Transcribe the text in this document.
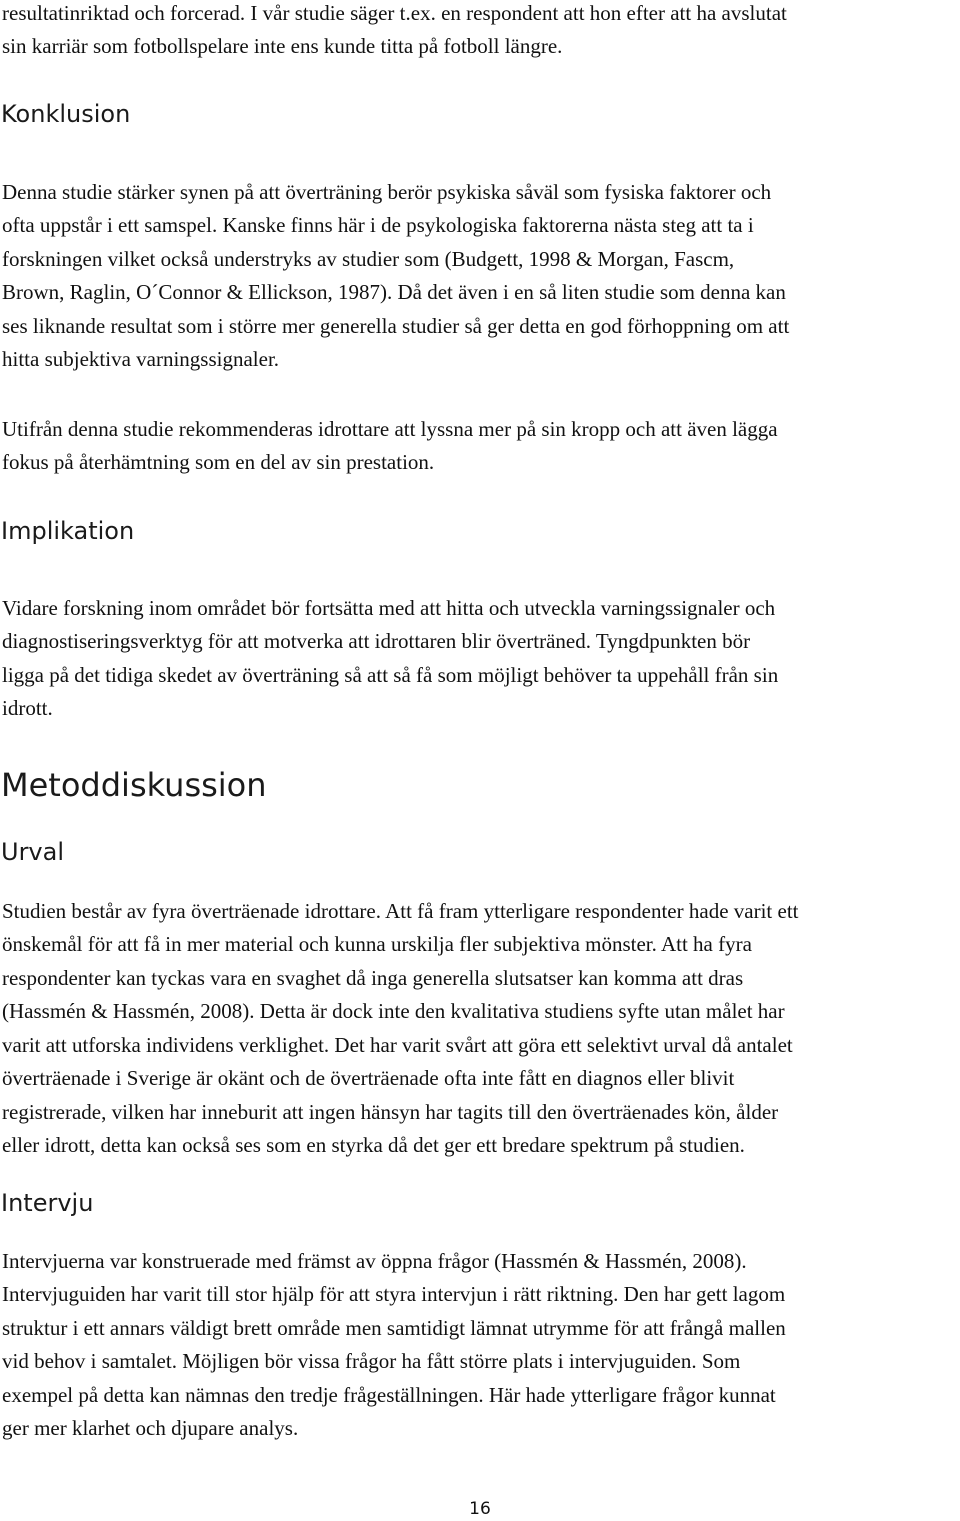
resultatinriktad och forcerad. I vår studie säger t.ex. en respondent att hon efter att ha avslutat

sin karriär som fotbollspelare inte ens kunde titta på fotboll längre.

Konklusion

Denna studie stärker synen på att överträning berör psykiska såväl som fysiska faktorer och

ofta uppstår i ett samspel. Kanske finns här i de psykologiska faktorerna nästa steg att ta i

forskningen vilket också understryks av studier som (Budgett, 1998 & Morgan, Fascm,

Brown, Raglin, O´Connor & Ellickson, 1987). Då det även i en så liten studie som denna kan

ses liknande resultat som i större mer generella studier så ger detta en god förhoppning om att

hitta subjektiva varningssignaler.

Utifrån denna studie rekommenderas idrottare att lyssna mer på sin kropp och att även lägga

fokus på återhämtning som en del av sin prestation.

Implikation

Vidare forskning inom området bör fortsätta med att hitta och utveckla varningssignaler och

diagnostiseringsverktyg för att motverka att idrottaren blir överträned. Tyngdpunkten bör

ligga på det tidiga skedet av överträning så att så få som möjligt behöver ta uppehåll från sin

idrott.

Metoddiskussion
Urval

Studien består av fyra överträenade idrottare. Att få fram ytterligare respondenter hade varit ett

önskemål för att få in mer material och kunna urskilja fler subjektiva mönster. Att ha fyra

respondenter kan tyckas vara en svaghet då inga generella slutsatser kan komma att dras

(Hassmén & Hassmén, 2008). Detta är dock inte den kvalitativa studiens syfte utan målet har

varit att utforska individens verklighet. Det har varit svårt att göra ett selektivt urval då antalet

överträenade i Sverige är okänt och de överträenade ofta inte fått en diagnos eller blivit

registrerade, vilken har inneburit att ingen hänsyn har tagits till den överträenades kön, ålder

eller idrott, detta kan också ses som en styrka då det ger ett bredare spektrum på studien.

Intervju

Intervjuerna var konstruerade med främst av öppna frågor (Hassmén & Hassmén, 2008).

Intervjuguiden har varit till stor hjälp för att styra intervjun i rätt riktning. Den har gett lagom

struktur i ett annars väldigt brett område men samtidigt lämnat utrymme för att frångå mallen

vid behov i samtalet. Möjligen bör vissa frågor ha fått större plats i intervjuguiden. Som

exempel på detta kan nämnas den tredje frågeställningen. Här hade ytterligare frågor kunnat

ger mer klarhet och djupare analys.

16
